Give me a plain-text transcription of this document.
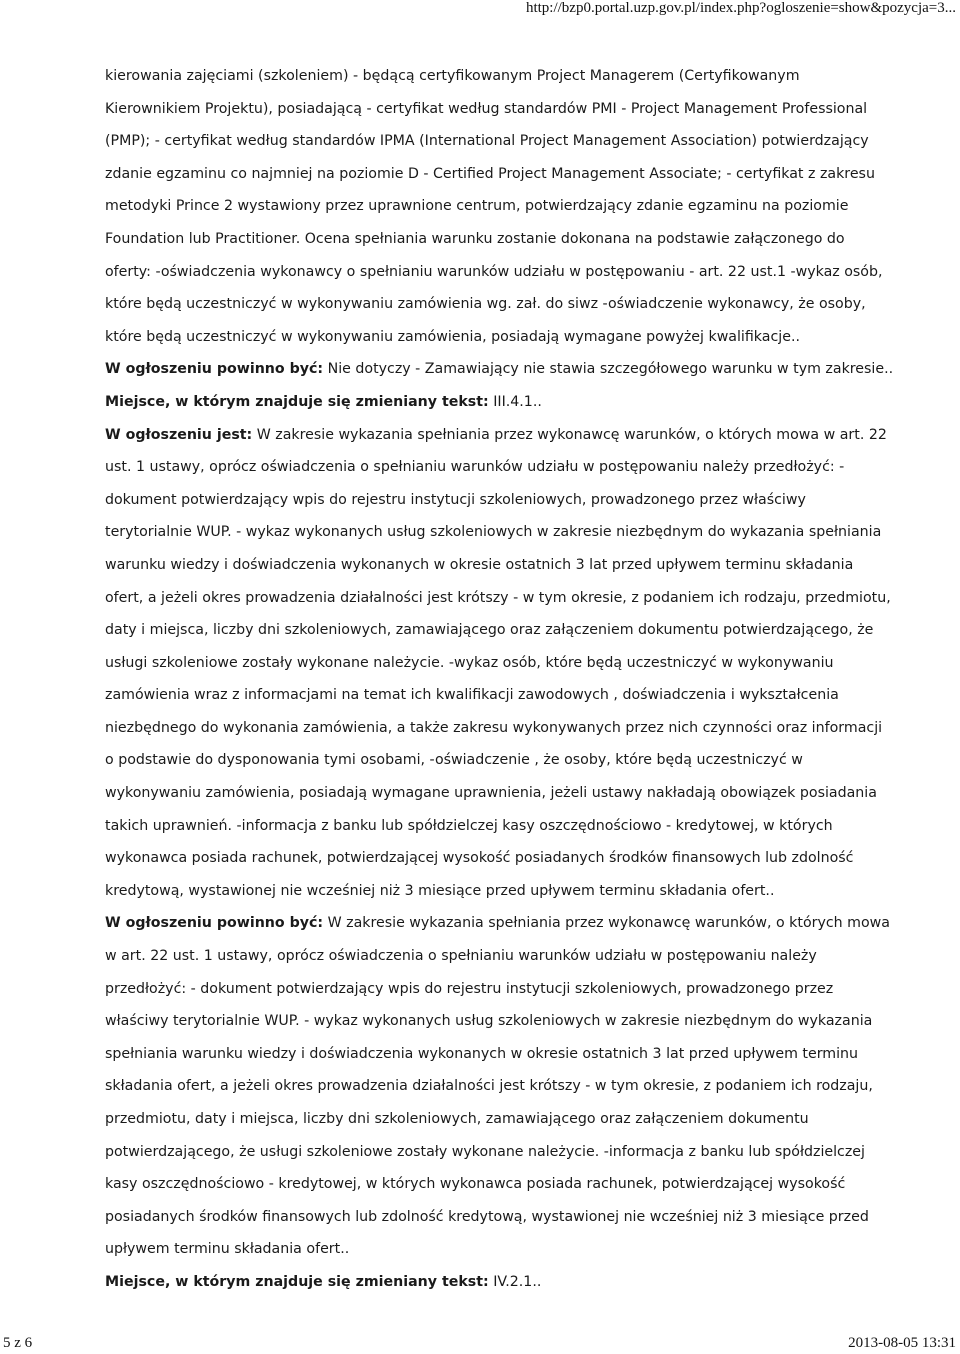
http://bzp0.portal.uzp.gov.pl/index.php?ogloszenie=show&pozycja=3...

kierowania zajęciami (szkoleniem) - będącą certyfikowanym Project Managerem (Certyfikowanym Kierownikiem Projektu), posiadającą - certyfikat według standardów PMI - Project Management Professional (PMP); - certyfikat według standardów IPMA (International Project Management Association) potwierdzający zdanie egzaminu co najmniej na poziomie D - Certified Project Management Associate; - certyfikat z zakresu metodyki Prince 2 wystawiony przez uprawnione centrum, potwierdzający zdanie egzaminu na poziomie Foundation lub Practitioner. Ocena spełniania warunku zostanie dokonana na podstawie załączonego do oferty: -oświadczenia wykonawcy o spełnianiu warunków udziału w postępowaniu - art. 22 ust.1 -wykaz osób, które będą uczestniczyć w wykonywaniu zamówienia wg. zał. do siwz -oświadczenie wykonawcy, że osoby, które będą uczestniczyć w wykonywaniu zamówienia, posiadają wymagane powyżej kwalifikacje..

W ogłoszeniu powinno być: Nie dotyczy - Zamawiający nie stawia szczegółowego warunku w tym zakresie..

Miejsce, w którym znajduje się zmieniany tekst: III.4.1..

W ogłoszeniu jest: W zakresie wykazania spełniania przez wykonawcę warunków, o których mowa w art. 22 ust. 1 ustawy, oprócz oświadczenia o spełnianiu warunków udziału w postępowaniu należy przedłożyć: - dokument potwierdzający wpis do rejestru instytucji szkoleniowych, prowadzonego przez właściwy terytorialnie WUP. - wykaz wykonanych usług szkoleniowych w zakresie niezbędnym do wykazania spełniania warunku wiedzy i doświadczenia wykonanych w okresie ostatnich 3 lat przed upływem terminu składania ofert, a jeżeli okres prowadzenia działalności jest krótszy - w tym okresie, z podaniem ich rodzaju, przedmiotu, daty i miejsca, liczby dni szkoleniowych, zamawiającego oraz załączeniem dokumentu potwierdzającego, że usługi szkoleniowe zostały wykonane należycie. -wykaz osób, które będą uczestniczyć w wykonywaniu zamówienia wraz z informacjami na temat ich kwalifikacji zawodowych , doświadczenia i wykształcenia niezbędnego do wykonania zamówienia, a także zakresu wykonywanych przez nich czynności oraz informacji o podstawie do dysponowania tymi osobami, -oświadczenie , że osoby, które będą uczestniczyć w wykonywaniu zamówienia, posiadają wymagane uprawnienia, jeżeli ustawy nakładają obowiązek posiadania takich uprawnień. -informacja z banku lub spółdzielczej kasy oszczędnościowo - kredytowej, w których wykonawca posiada rachunek, potwierdzającej wysokość posiadanych środków finansowych lub zdolność kredytową, wystawionej nie wcześniej niż 3 miesiące przed upływem terminu składania ofert..

W ogłoszeniu powinno być: W zakresie wykazania spełniania przez wykonawcę warunków, o których mowa w art. 22 ust. 1 ustawy, oprócz oświadczenia o spełnianiu warunków udziału w postępowaniu należy przedłożyć: - dokument potwierdzający wpis do rejestru instytucji szkoleniowych, prowadzonego przez właściwy terytorialnie WUP. - wykaz wykonanych usług szkoleniowych w zakresie niezbędnym do wykazania spełniania warunku wiedzy i doświadczenia wykonanych w okresie ostatnich 3 lat przed upływem terminu składania ofert, a jeżeli okres prowadzenia działalności jest krótszy - w tym okresie, z podaniem ich rodzaju, przedmiotu, daty i miejsca, liczby dni szkoleniowych, zamawiającego oraz załączeniem dokumentu potwierdzającego, że usługi szkoleniowe zostały wykonane należycie. -informacja z banku lub spółdzielczej kasy oszczędnościowo - kredytowej, w których wykonawca posiada rachunek, potwierdzającej wysokość posiadanych środków finansowych lub zdolność kredytową, wystawionej nie wcześniej niż 3 miesiące przed upływem terminu składania ofert..

Miejsce, w którym znajduje się zmieniany tekst: IV.2.1..

5 z 6	2013-08-05 13:31
